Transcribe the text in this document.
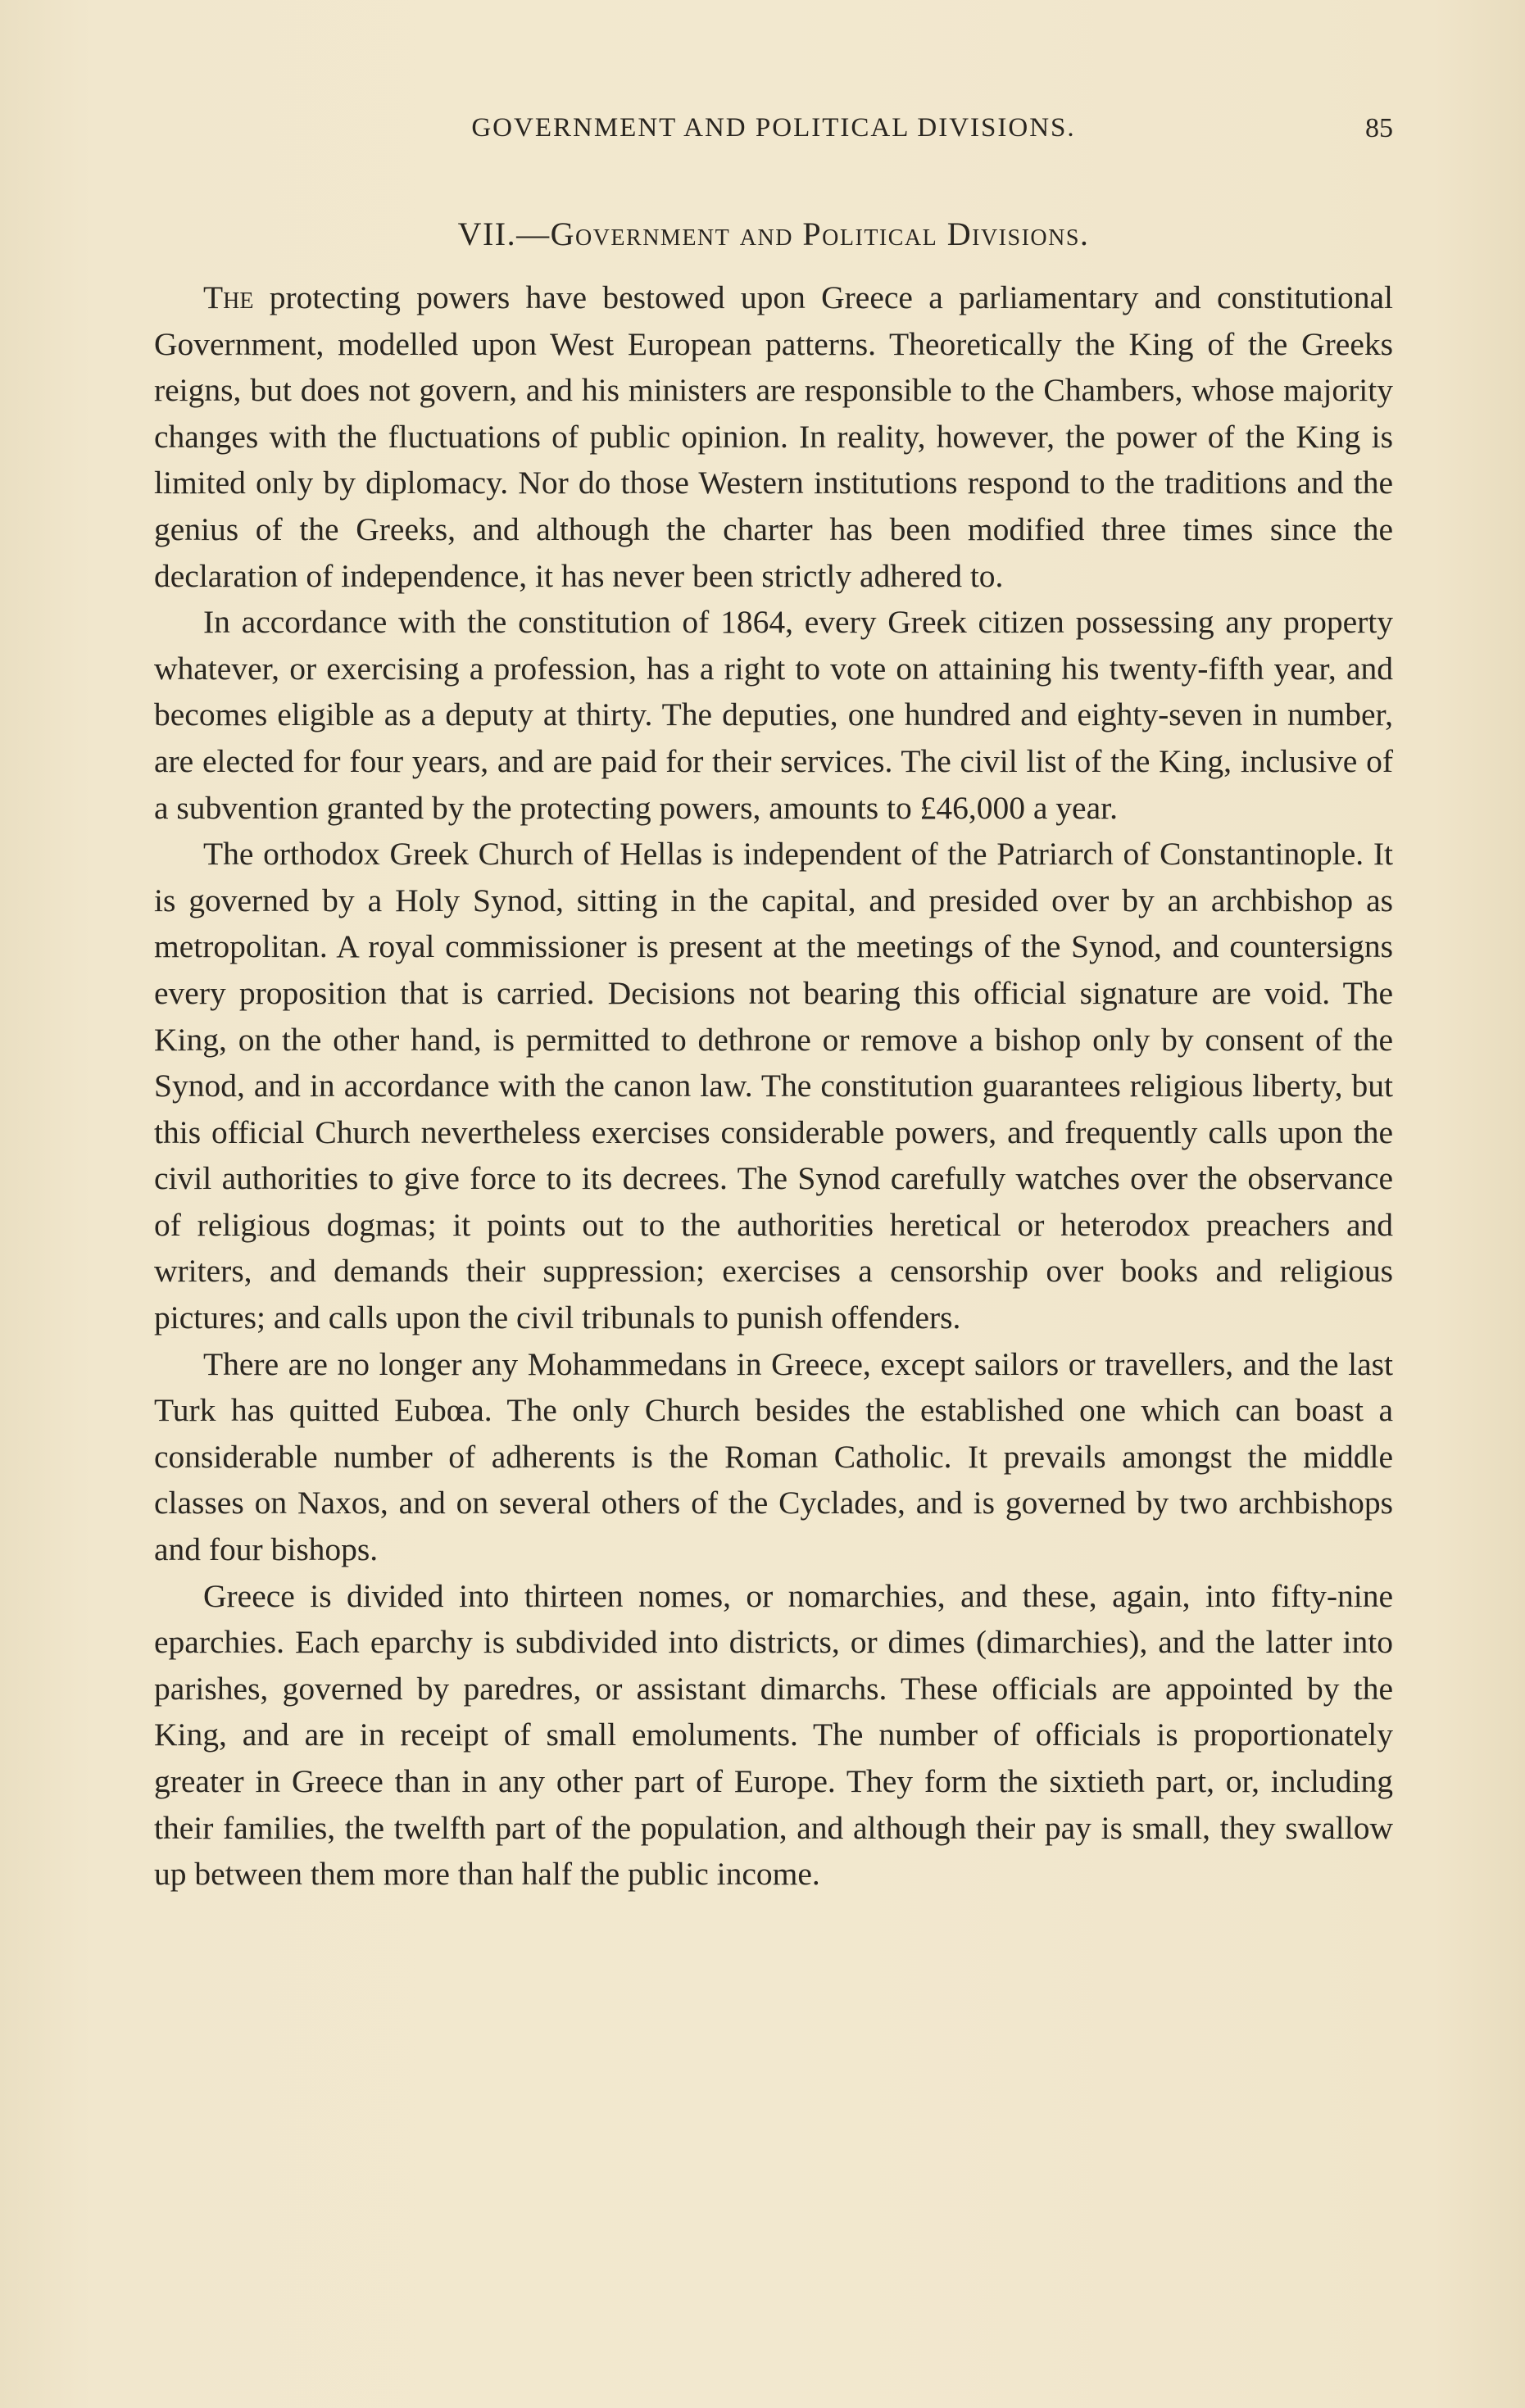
GOVERNMENT AND POLITICAL DIVISIONS.	85
VII.—Government and Political Divisions.

The protecting powers have bestowed upon Greece a parliamentary and constitutional Government, modelled upon West European patterns. Theoretically the King of the Greeks reigns, but does not govern, and his ministers are responsible to the Chambers, whose majority changes with the fluctuations of public opinion. In reality, however, the power of the King is limited only by diplomacy. Nor do those Western institutions respond to the traditions and the genius of the Greeks, and although the charter has been modified three times since the declaration of independence, it has never been strictly adhered to.

In accordance with the constitution of 1864, every Greek citizen possessing any property whatever, or exercising a profession, has a right to vote on attaining his twenty-fifth year, and becomes eligible as a deputy at thirty. The deputies, one hundred and eighty-seven in number, are elected for four years, and are paid for their services. The civil list of the King, inclusive of a subvention granted by the protecting powers, amounts to £46,000 a year.

The orthodox Greek Church of Hellas is independent of the Patriarch of Constantinople. It is governed by a Holy Synod, sitting in the capital, and presided over by an archbishop as metropolitan. A royal commissioner is present at the meetings of the Synod, and countersigns every proposition that is carried. Decisions not bearing this official signature are void. The King, on the other hand, is permitted to dethrone or remove a bishop only by consent of the Synod, and in accordance with the canon law. The constitution guarantees religious liberty, but this official Church nevertheless exercises considerable powers, and frequently calls upon the civil authorities to give force to its decrees. The Synod carefully watches over the observance of religious dogmas; it points out to the authorities heretical or heterodox preachers and writers, and demands their suppression; exercises a censorship over books and religious pictures; and calls upon the civil tribunals to punish offenders.

There are no longer any Mohammedans in Greece, except sailors or travellers, and the last Turk has quitted Eubœa. The only Church besides the established one which can boast a considerable number of adherents is the Roman Catholic. It prevails amongst the middle classes on Naxos, and on several others of the Cyclades, and is governed by two archbishops and four bishops.

Greece is divided into thirteen nomes, or nomarchies, and these, again, into fifty-nine eparchies. Each eparchy is subdivided into districts, or dimes (dimarchies), and the latter into parishes, governed by paredres, or assistant dimarchs. These officials are appointed by the King, and are in receipt of small emoluments. The number of officials is proportionately greater in Greece than in any other part of Europe. They form the sixtieth part, or, including their families, the twelfth part of the population, and although their pay is small, they swallow up between them more than half the public income.
